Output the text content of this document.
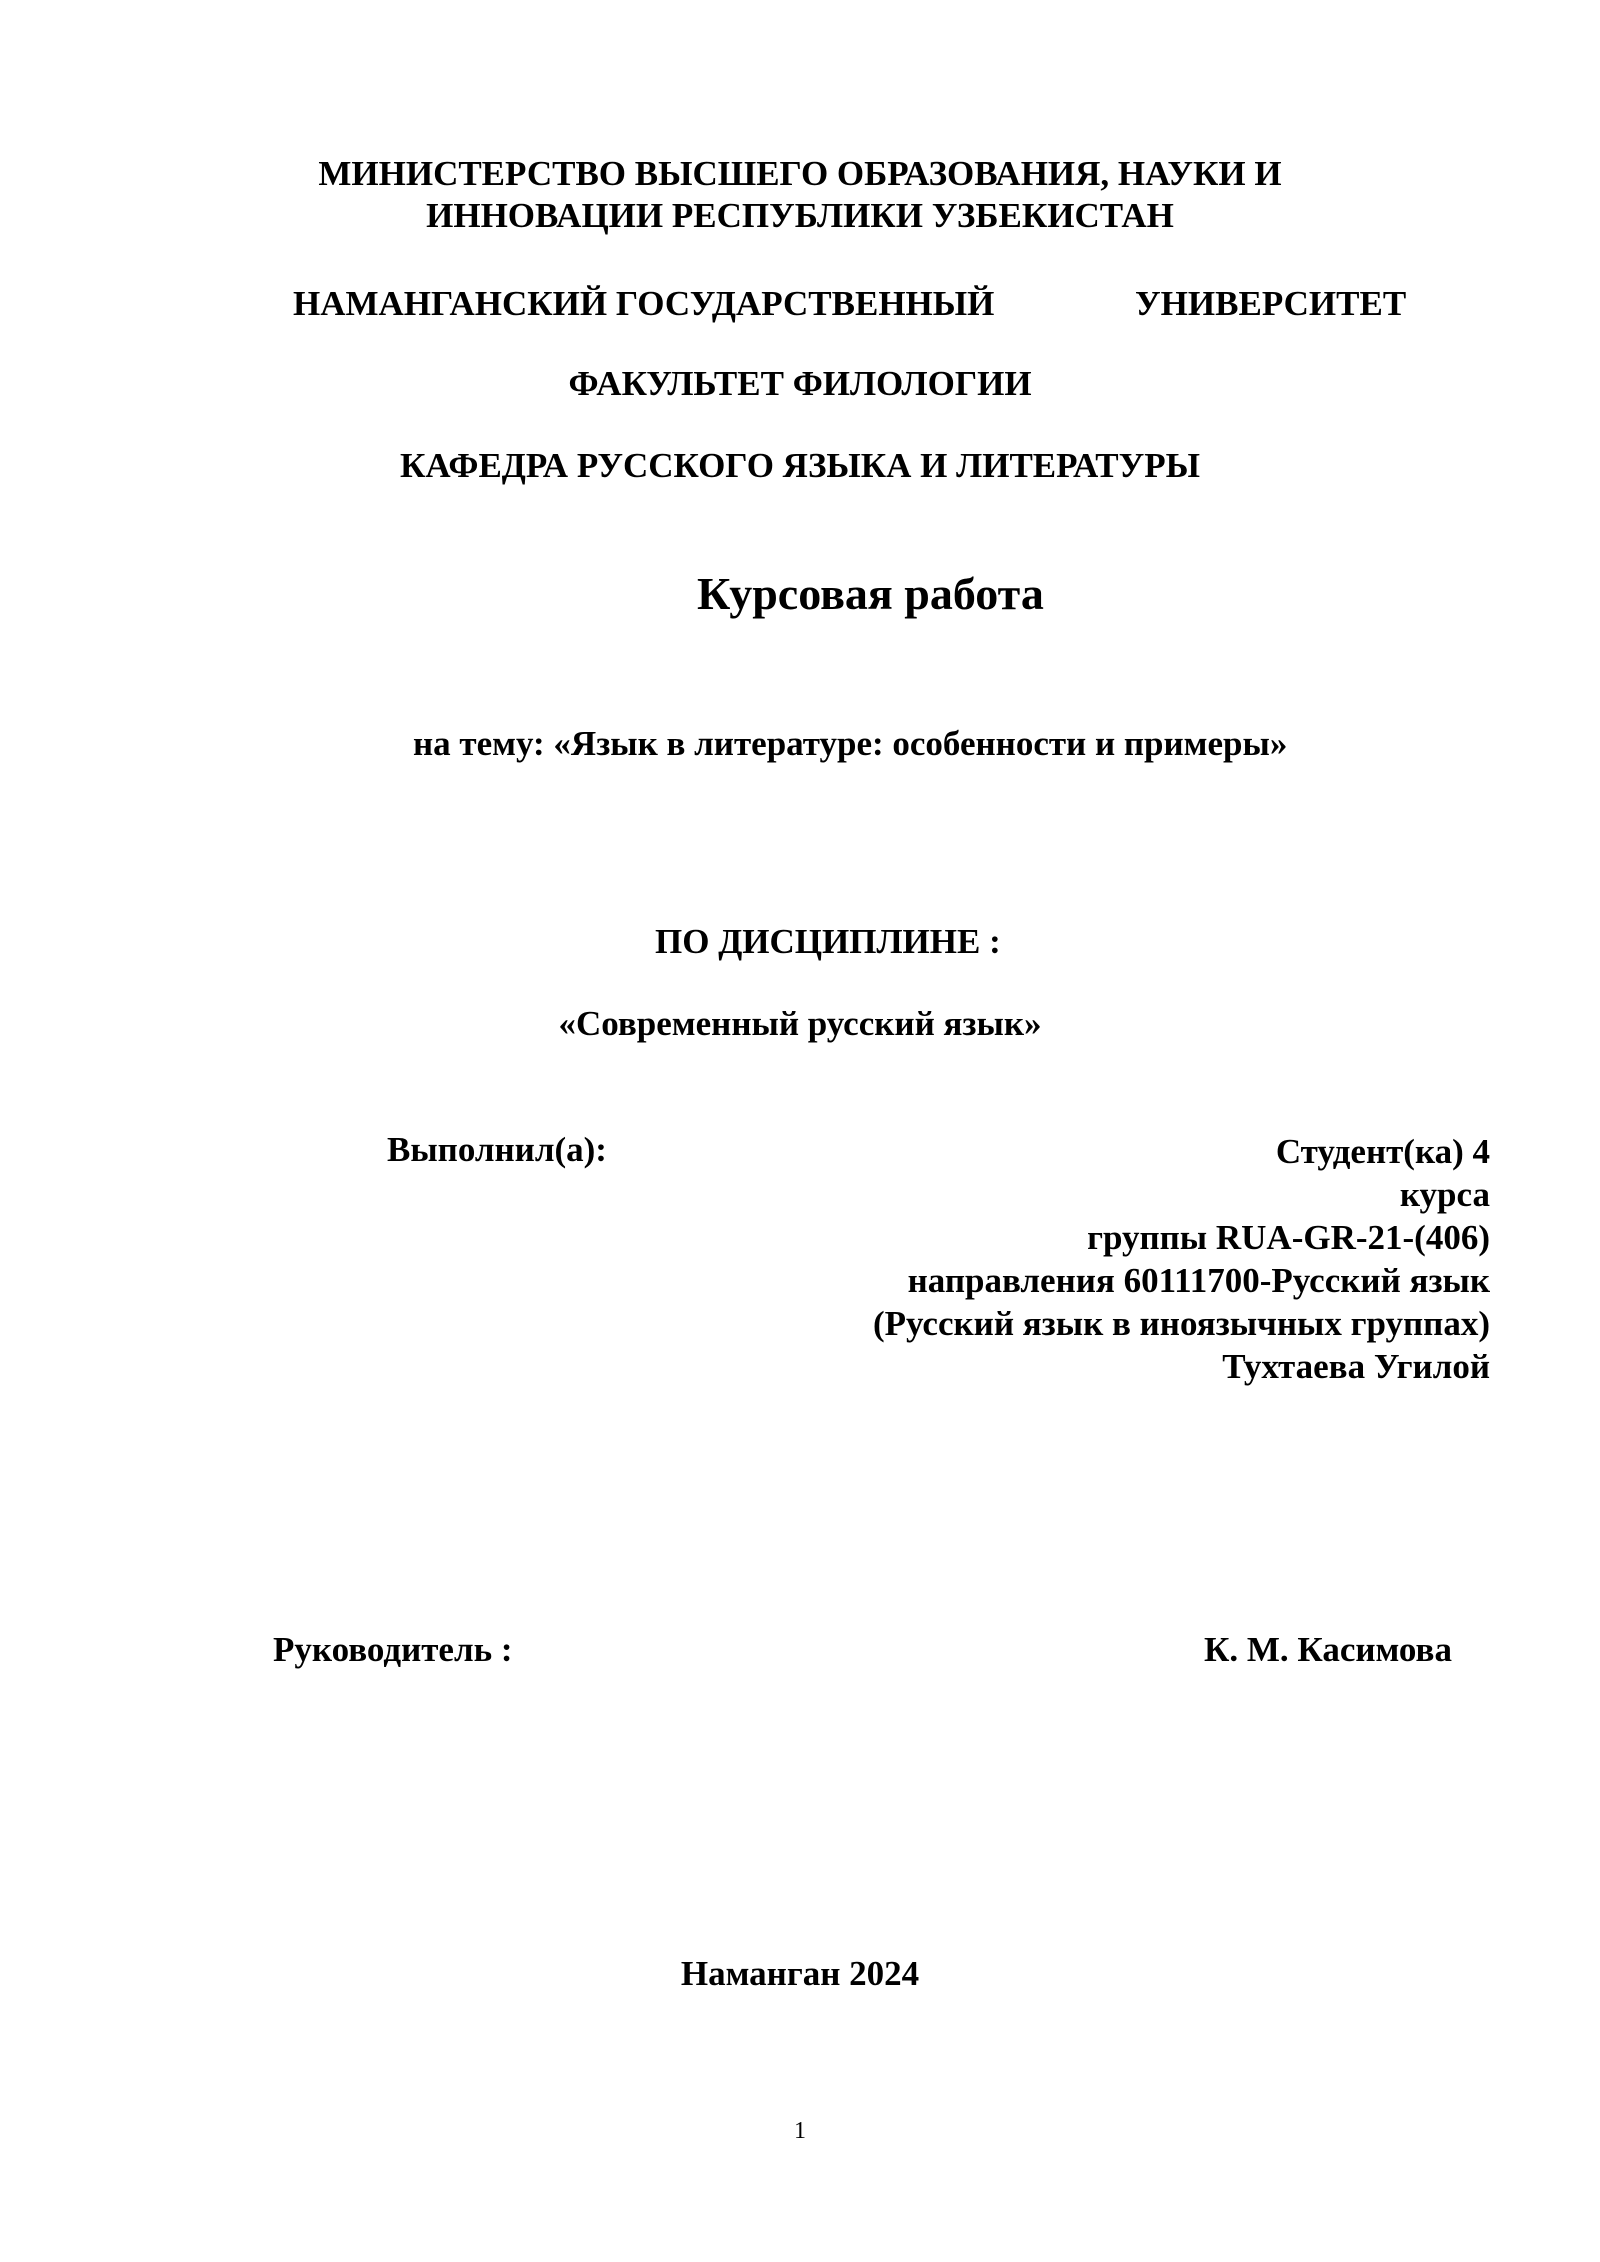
МИНИСТЕРСТВО ВЫСШЕГО ОБРАЗОВАНИЯ, НАУКИ И

ИННОВАЦИИ РЕСПУБЛИКИ УЗБЕКИСТАН

НАМАНГАНСКИЙ ГОСУДАРСТВЕННЫЙ	УНИВЕРСИТЕТ

ФАКУЛЬТЕТ ФИЛОЛОГИИ

КАФЕДРА РУССКОГО ЯЗЫКА И ЛИТЕРАТУРЫ

Курсовая работа

на тему: «Язык в литературе: особенности и примеры»

ПО ДИСЦИПЛИНЕ :

«Современный русский язык»

Выполнил(а):	Студент(ка) 4
курса
группы RUA-GR-21-(406)
направления 60111700-Русский язык
(Русский язык в иноязычных группах)
Тухтаева Угилой

Руководитель :	К. М. Касимова

Наманган 2024

1
